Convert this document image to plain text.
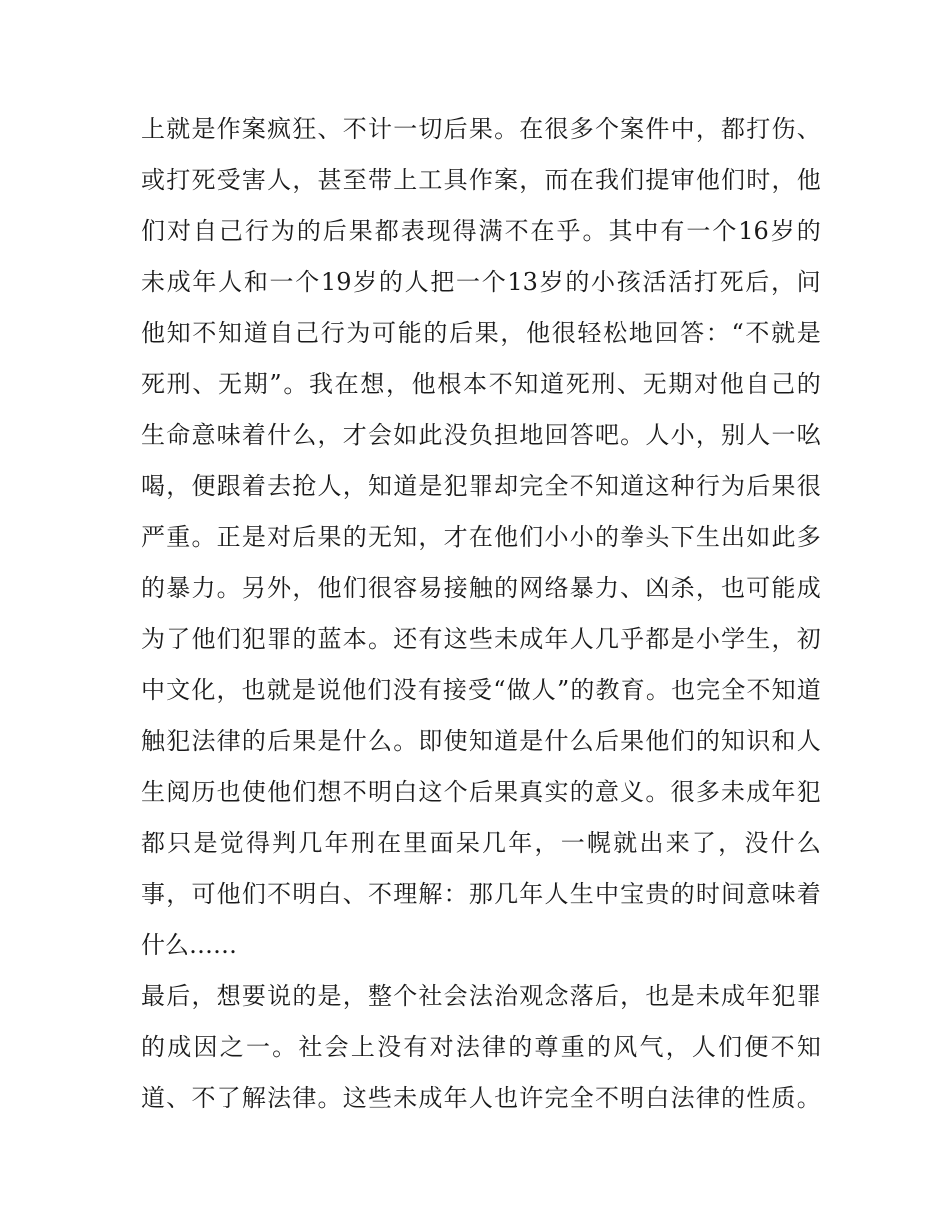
上 就 是 作 案 疯 狂 、 不 计 一 切 后 果 。 在 很 多 个 案 件 中 ， 都 打 伤 、
或 打 死 受 害 人 ， 甚 至 带 上 工 具 作 案 ， 而 在 我 们 提 审 他 们 时 ， 他
们 对 自 己 行 为 的 后 果 都 表 现 得 满 不 在 乎 。 其 中 有 一 个 16 岁 的
未 成 年 人 和 一 个 19 岁 的 人 把 一 个 13 岁 的 小 孩 活 活 打 死 后 ， 问
他 知 不 知 道 自 己 行 为 可 能 的 后 果 ， 他 很 轻 松 地 回 答 ： “ 不 就 是
死 刑 、 无 期 ” 。 我 在 想 ， 他 根 本 不 知 道 死 刑 、 无 期 对 他 自 己 的
生 命 意 味 着 什 么 ， 才 会 如 此 没 负 担 地 回 答 吧 。 人 小 ， 别 人 一 吆
喝 ， 便 跟 着 去 抢 人 ， 知 道 是 犯 罪 却 完 全 不 知 道 这 种 行 为 后 果 很
严 重 。 正 是 对 后 果 的 无 知 ， 才 在 他 们 小 小 的 拳 头 下 生 出 如 此 多
的 暴 力 。 另 外 ， 他 们 很 容 易 接 触 的 网 络 暴 力 、 凶 杀 ， 也 可 能 成
为 了 他 们 犯 罪 的 蓝 本 。 还 有 这 些 未 成 年 人 几 乎 都 是 小 学 生 ， 初
中 文 化 ， 也 就 是 说 他 们 没 有 接 受 “ 做 人 ” 的 教 育 。 也 完 全 不 知 道
触 犯 法 律 的 后 果 是 什 么 。 即 使 知 道 是 什 么 后 果 他 们 的 知 识 和 人
生 阅 历 也 使 他 们 想 不 明 白 这 个 后 果 真 实 的 意 义 。 很 多 未 成 年 犯
都 只 是 觉 得 判 几 年 刑 在 里 面 呆 几 年 ， 一 幌 就 出 来 了 ， 没 什 么
事 ， 可 他 们 不 明 白 、 不 理 解 ： 那 几 年 人 生 中 宝 贵 的 时 间 意 味 着
什么……
最 后 ， 想 要 说 的 是 ， 整 个 社 会 法 治 观 念 落 后 ， 也 是 未 成 年 犯 罪
的 成 因 之 一 。 社 会 上 没 有 对 法 律 的 尊 重 的 风 气 ， 人 们 便 不 知
道 、 不 了 解 法 律 。 这 些 未 成 年 人 也 许 完 全 不 明 白 法 律 的 性 质 。
